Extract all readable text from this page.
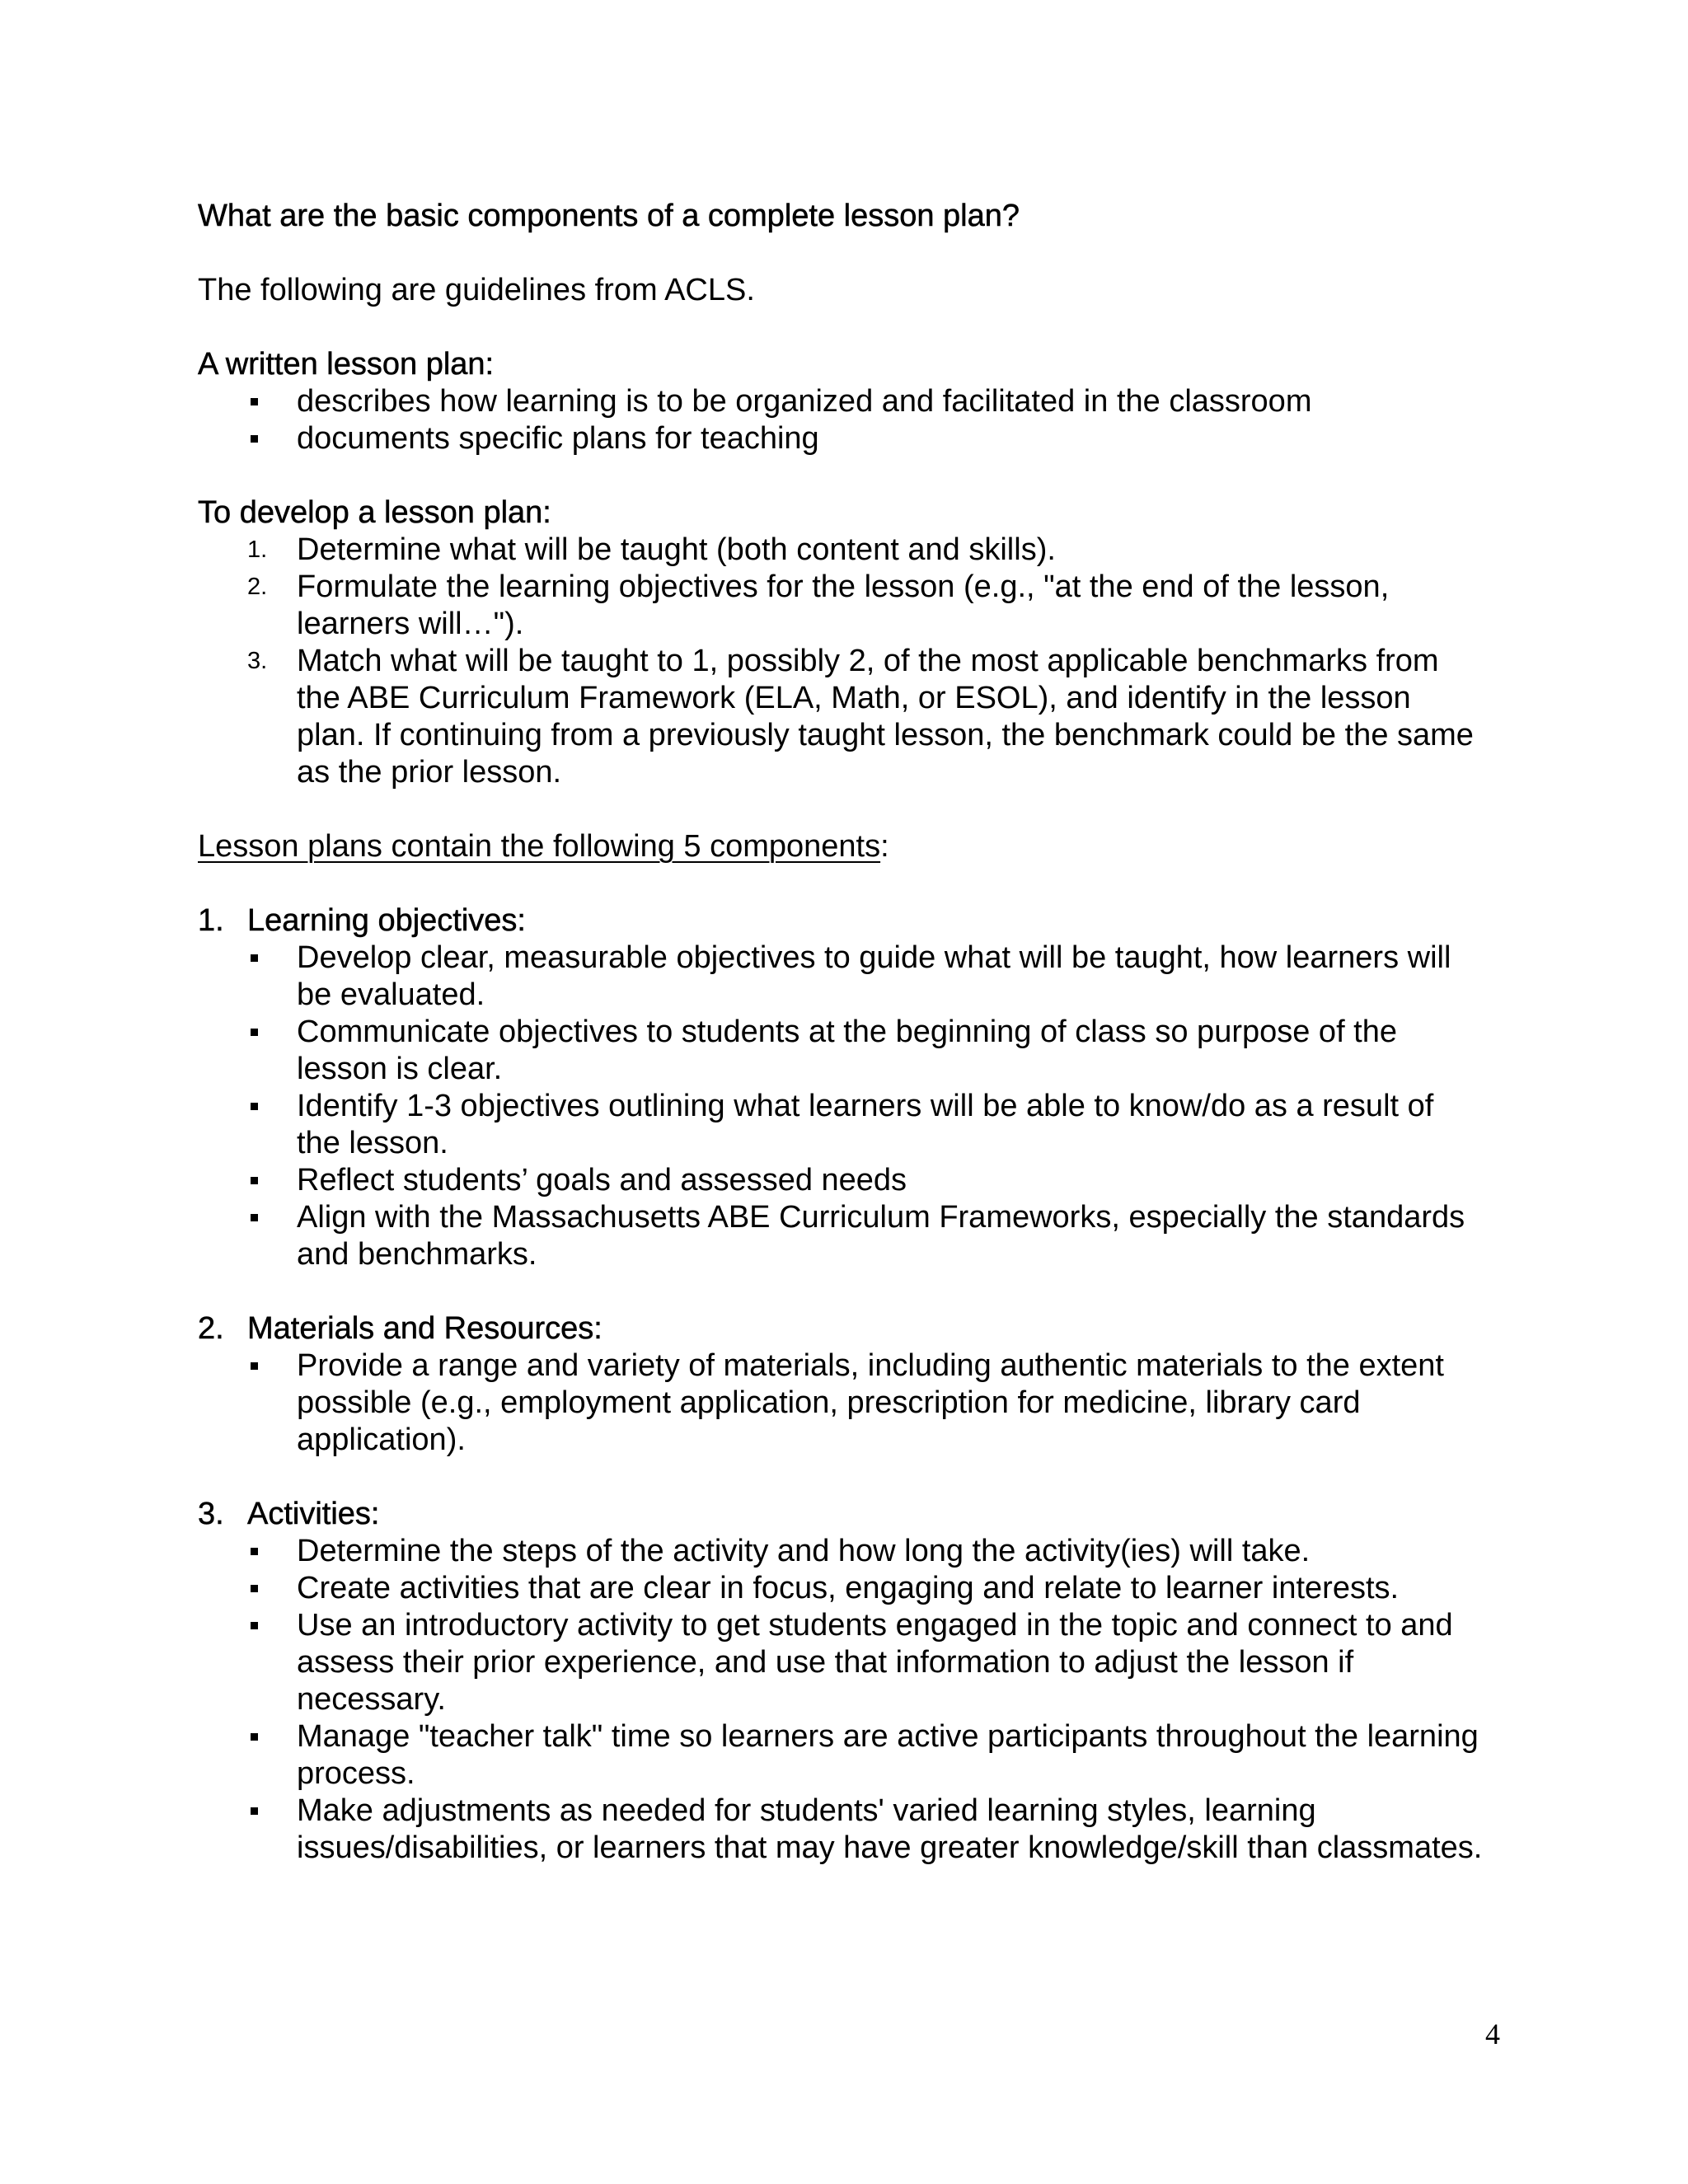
What are the basic components of a complete lesson plan?

The following are guidelines from ACLS.

A written lesson plan:

describes how learning is to be organized and facilitated in the classroom
documents specific plans for teaching

To develop a lesson plan:

1. Determine what will be taught (both content and skills).
2. Formulate the learning objectives for the lesson (e.g., "at the end of the lesson, learners will…").
3. Match what will be taught to 1, possibly 2, of the most applicable benchmarks from the ABE Curriculum Framework (ELA, Math, or ESOL), and identify in the lesson plan. If continuing from a previously taught lesson, the benchmark could be the same as the prior lesson.

Lesson plans contain the following 5 components:

1. Learning objectives:
Develop clear, measurable objectives to guide what will be taught, how learners will be evaluated.
Communicate objectives to students at the beginning of class so purpose of the lesson is clear.
Identify 1-3 objectives outlining what learners will be able to know/do as a result of the lesson.
Reflect students’ goals and assessed needs
Align with the Massachusetts ABE Curriculum Frameworks, especially the standards and benchmarks.
2. Materials and Resources:
Provide a range and variety of materials, including authentic materials to the extent possible (e.g., employment application, prescription for medicine, library card application).
3. Activities:
Determine the steps of the activity and how long the activity(ies) will take.
Create activities that are clear in focus, engaging and relate to learner interests.
Use an introductory activity to get students engaged in the topic and connect to and assess their prior experience, and use that information to adjust the lesson if necessary.
Manage "teacher talk" time so learners are active participants throughout the learning process.
Make adjustments as needed for students' varied learning styles, learning issues/disabilities, or learners that may have greater knowledge/skill than classmates.
4
